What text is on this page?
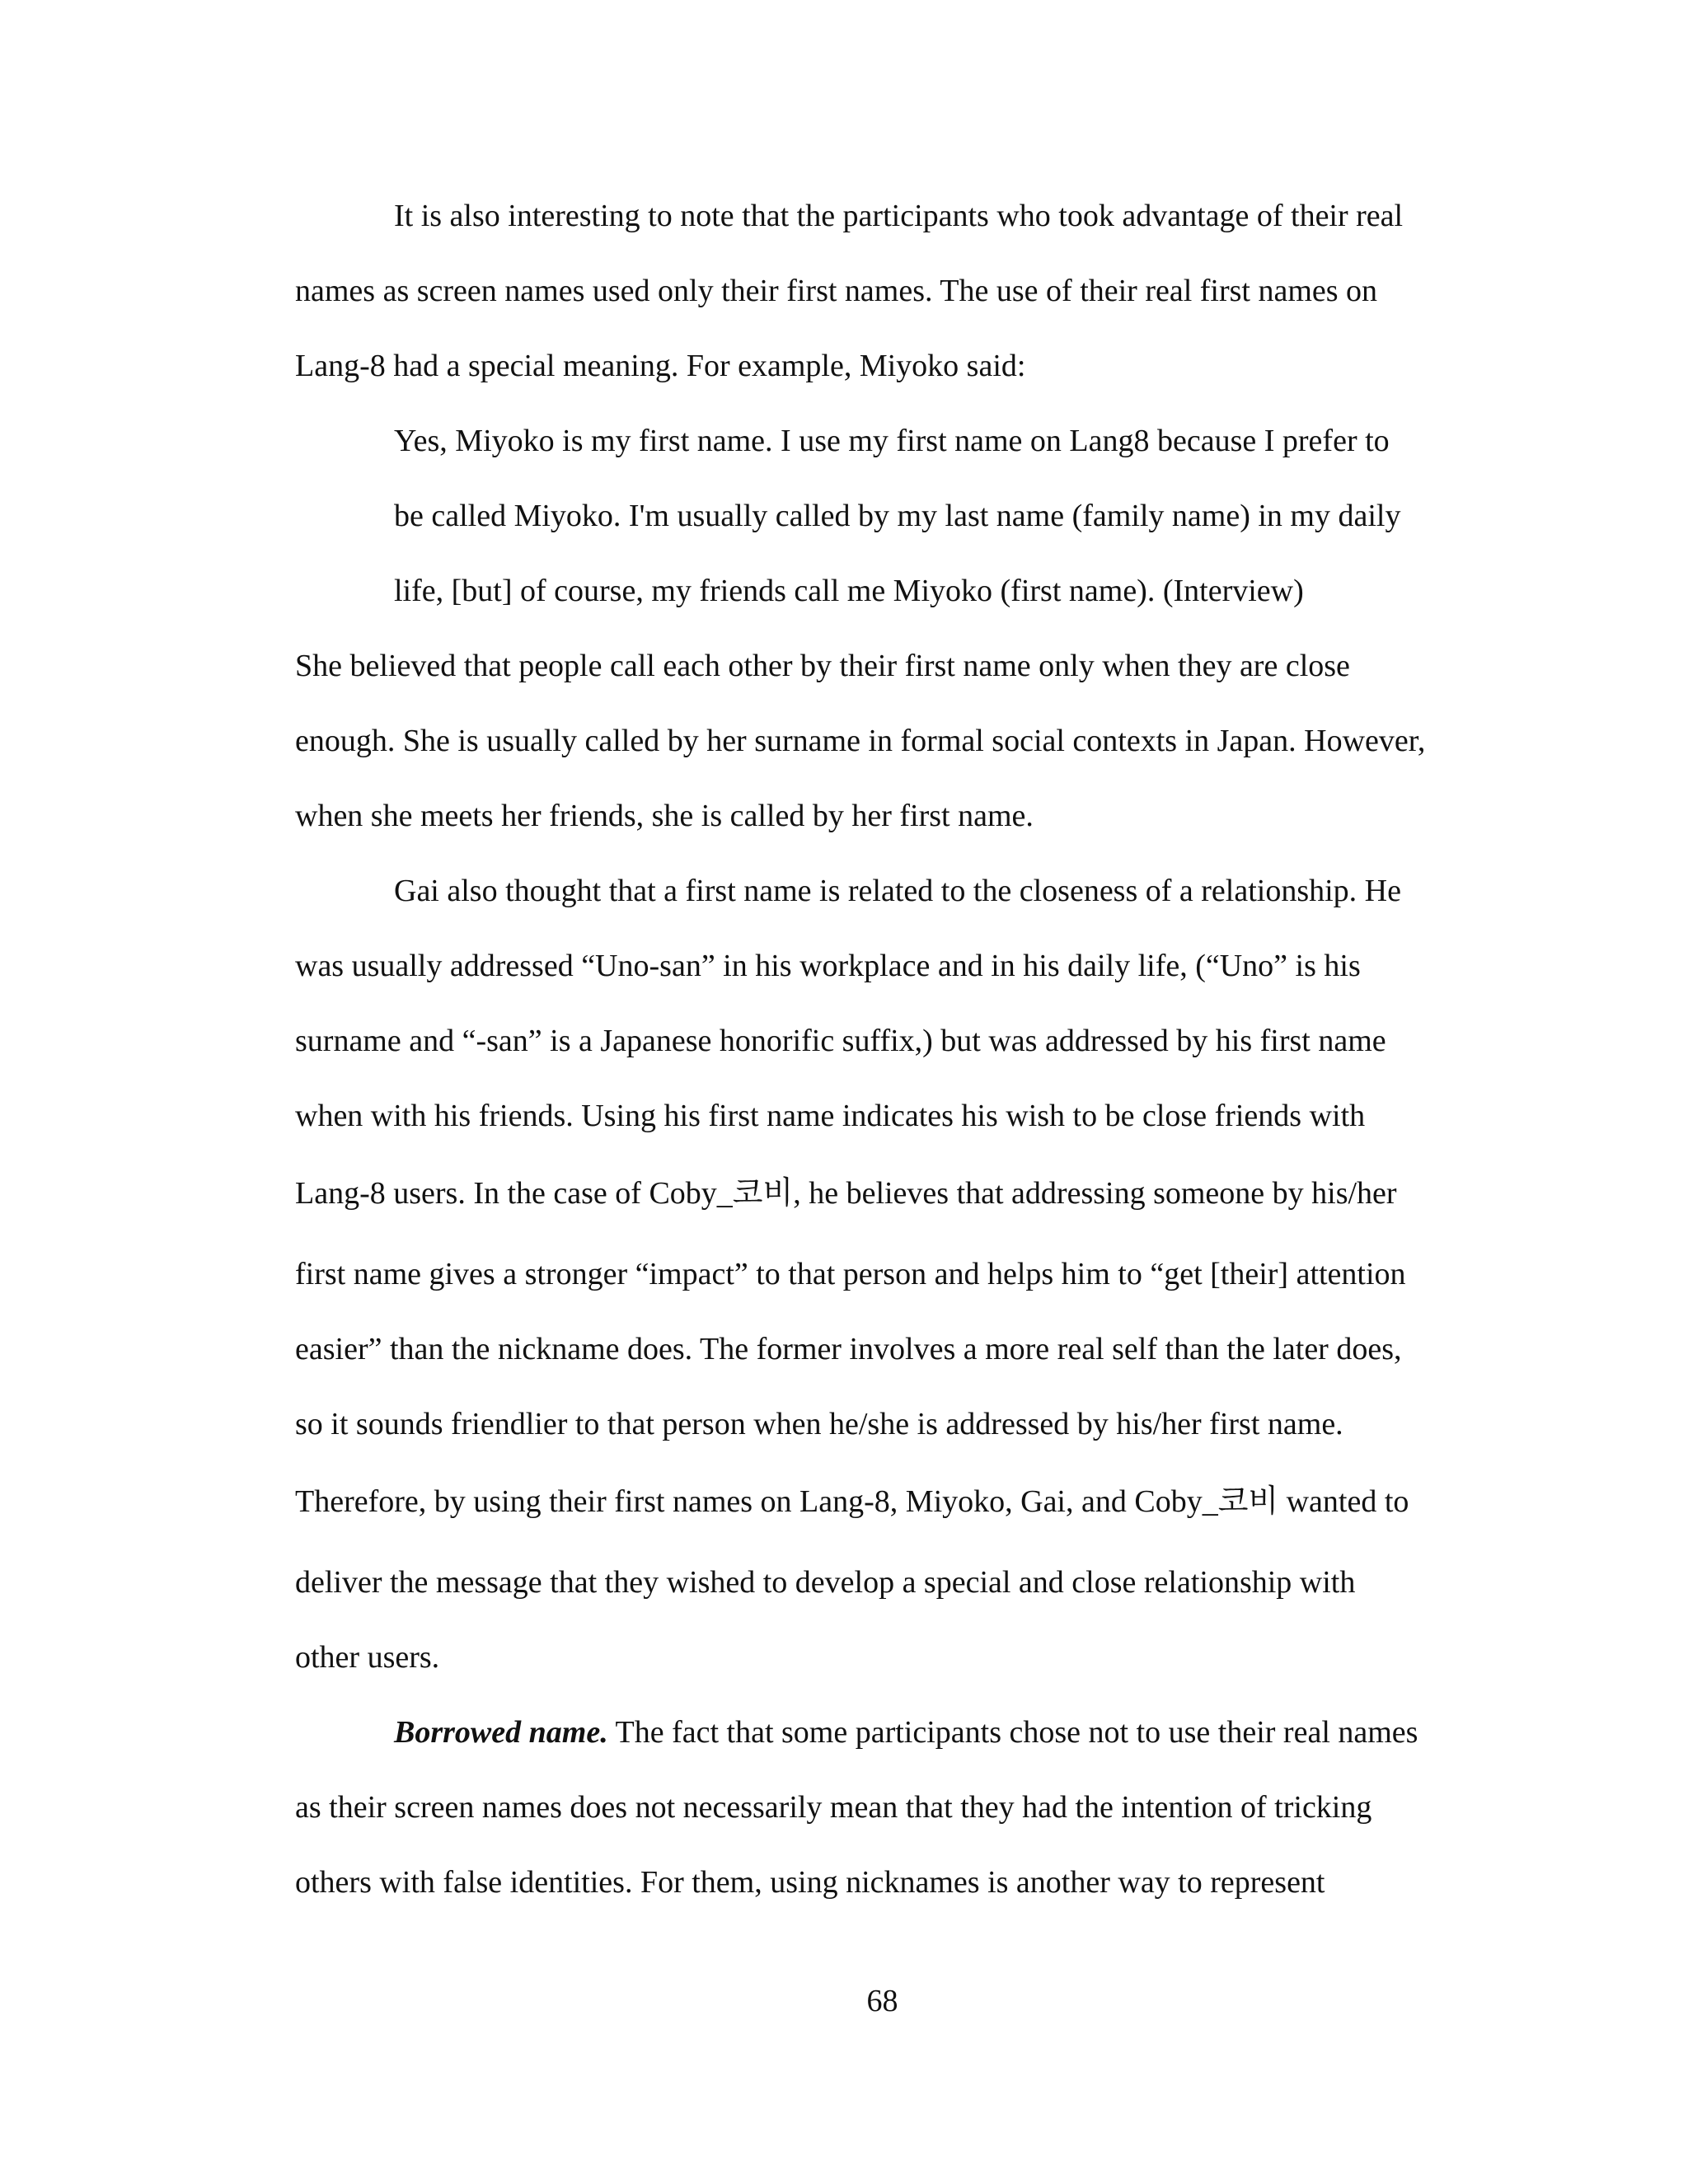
It is also interesting to note that the participants who took advantage of their real
names as screen names used only their first names. The use of their real first names on
Lang-8 had a special meaning. For example, Miyoko said:
Yes, Miyoko is my first name. I use my first name on Lang8 because I prefer to
be called Miyoko. I'm usually called by my last name (family name) in my daily
life, [but] of course, my friends call me Miyoko (first name). (Interview)
She believed that people call each other by their first name only when they are close
enough. She is usually called by her surname in formal social contexts in Japan. However,
when she meets her friends, she is called by her first name.
Gai also thought that a first name is related to the closeness of a relationship. He
was usually addressed “Uno-san” in his workplace and in his daily life, (“Uno” is his
surname and “-san” is a Japanese honorific suffix,) but was addressed by his first name
when with his friends. Using his first name indicates his wish to be close friends with
Lang-8 users. In the case of Coby_코비, he believes that addressing someone by his/her
first name gives a stronger “impact” to that person and helps him to “get [their] attention
easier” than the nickname does. The former involves a more real self than the later does,
so it sounds friendlier to that person when he/she is addressed by his/her first name.
Therefore, by using their first names on Lang-8, Miyoko, Gai, and Coby_코비 wanted to
deliver the message that they wished to develop a special and close relationship with
other users.
Borrowed name. The fact that some participants chose not to use their real names
as their screen names does not necessarily mean that they had the intention of tricking
others with false identities. For them, using nicknames is another way to represent
68
